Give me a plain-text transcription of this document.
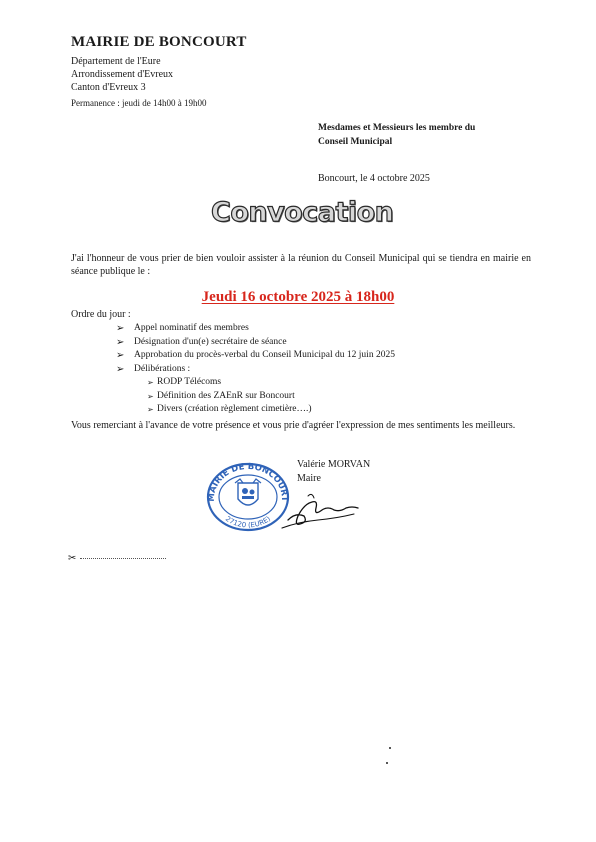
MAIRIE DE BONCOURT
Département de l'Eure
Arrondissement d'Evreux
Canton d'Evreux 3
Permanence : jeudi de 14h00 à 19h00
Mesdames et Messieurs les membre du
Conseil Municipal
Boncourt, le 4 octobre 2025
Convocation
J'ai l'honneur de vous prier de bien vouloir assister à la réunion du Conseil Municipal qui se tiendra en mairie en séance publique le :
Jeudi 16 octobre 2025 à 18h00
Ordre du jour :
➢ Appel nominatif des membres
➢ Désignation d'un(e) secrétaire de séance
➢ Approbation du procès-verbal du Conseil Municipal du 12 juin 2025
➢ Délibérations :
➢ RODP Télécoms
➢ Définition des ZAEnR sur Boncourt
➢ Divers (création règlement cimetière….)
Vous remerciant à l'avance de votre présence et vous prie d'agréer l'expression de mes sentiments les meilleurs.
Valérie MORVAN
Maire
MAIRIE DE BONCOURT
27120 (EURE)
✂
